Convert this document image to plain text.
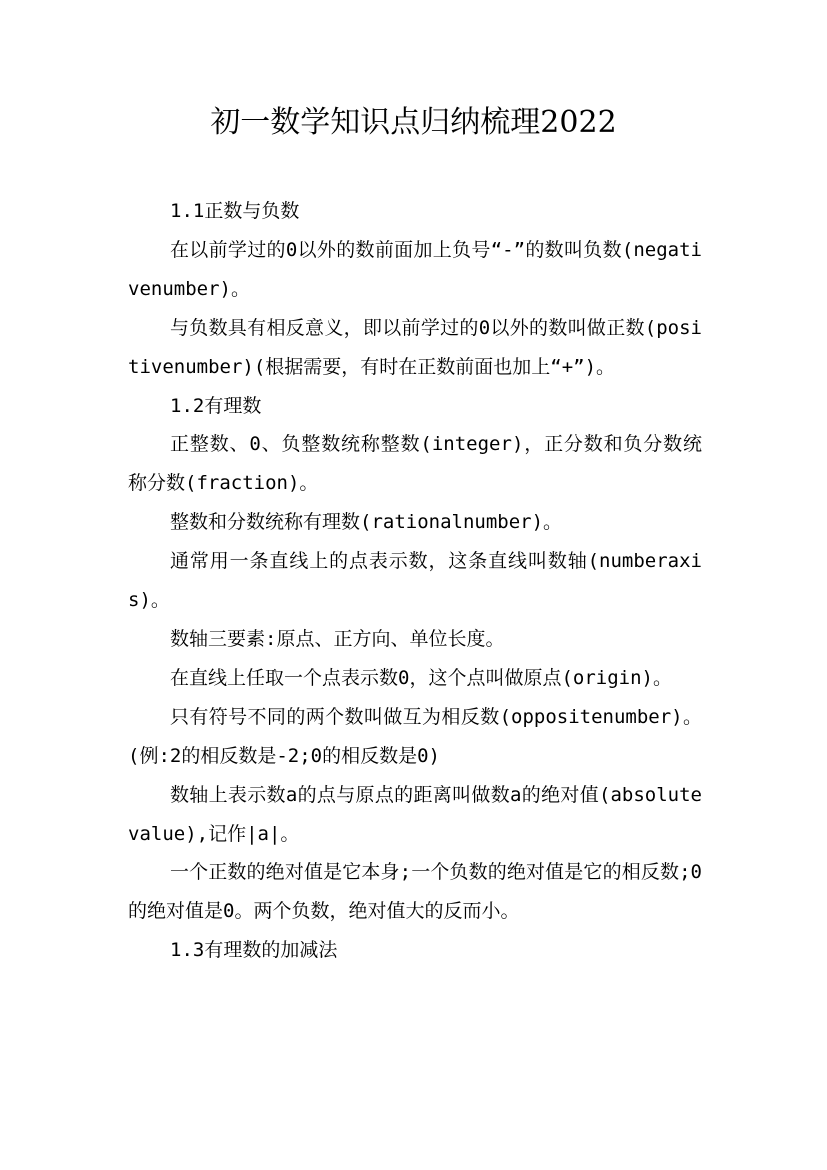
初一数学知识点归纳梳理2022

1.1正数与负数

在以前学过的0以外的数前面加上负号“-”的数叫负数(negativenumber)。

与负数具有相反意义，即以前学过的0以外的数叫做正数(positivenumber)(根据需要，有时在正数前面也加上“+”)。

1.2有理数

正整数、0、负整数统称整数(integer)，正分数和负分数统称分数(fraction)。

整数和分数统称有理数(rationalnumber)。

通常用一条直线上的点表示数，这条直线叫数轴(numberaxis)。

数轴三要素:原点、正方向、单位长度。

在直线上任取一个点表示数0，这个点叫做原点(origin)。

只有符号不同的两个数叫做互为相反数(oppositenumber)。(例:2的相反数是-2;0的相反数是0)

数轴上表示数a的点与原点的距离叫做数a的绝对值(absolutevalue),记作|a|。

一个正数的绝对值是它本身;一个负数的绝对值是它的相反数;0的绝对值是0。两个负数，绝对值大的反而小。

1.3有理数的加减法
